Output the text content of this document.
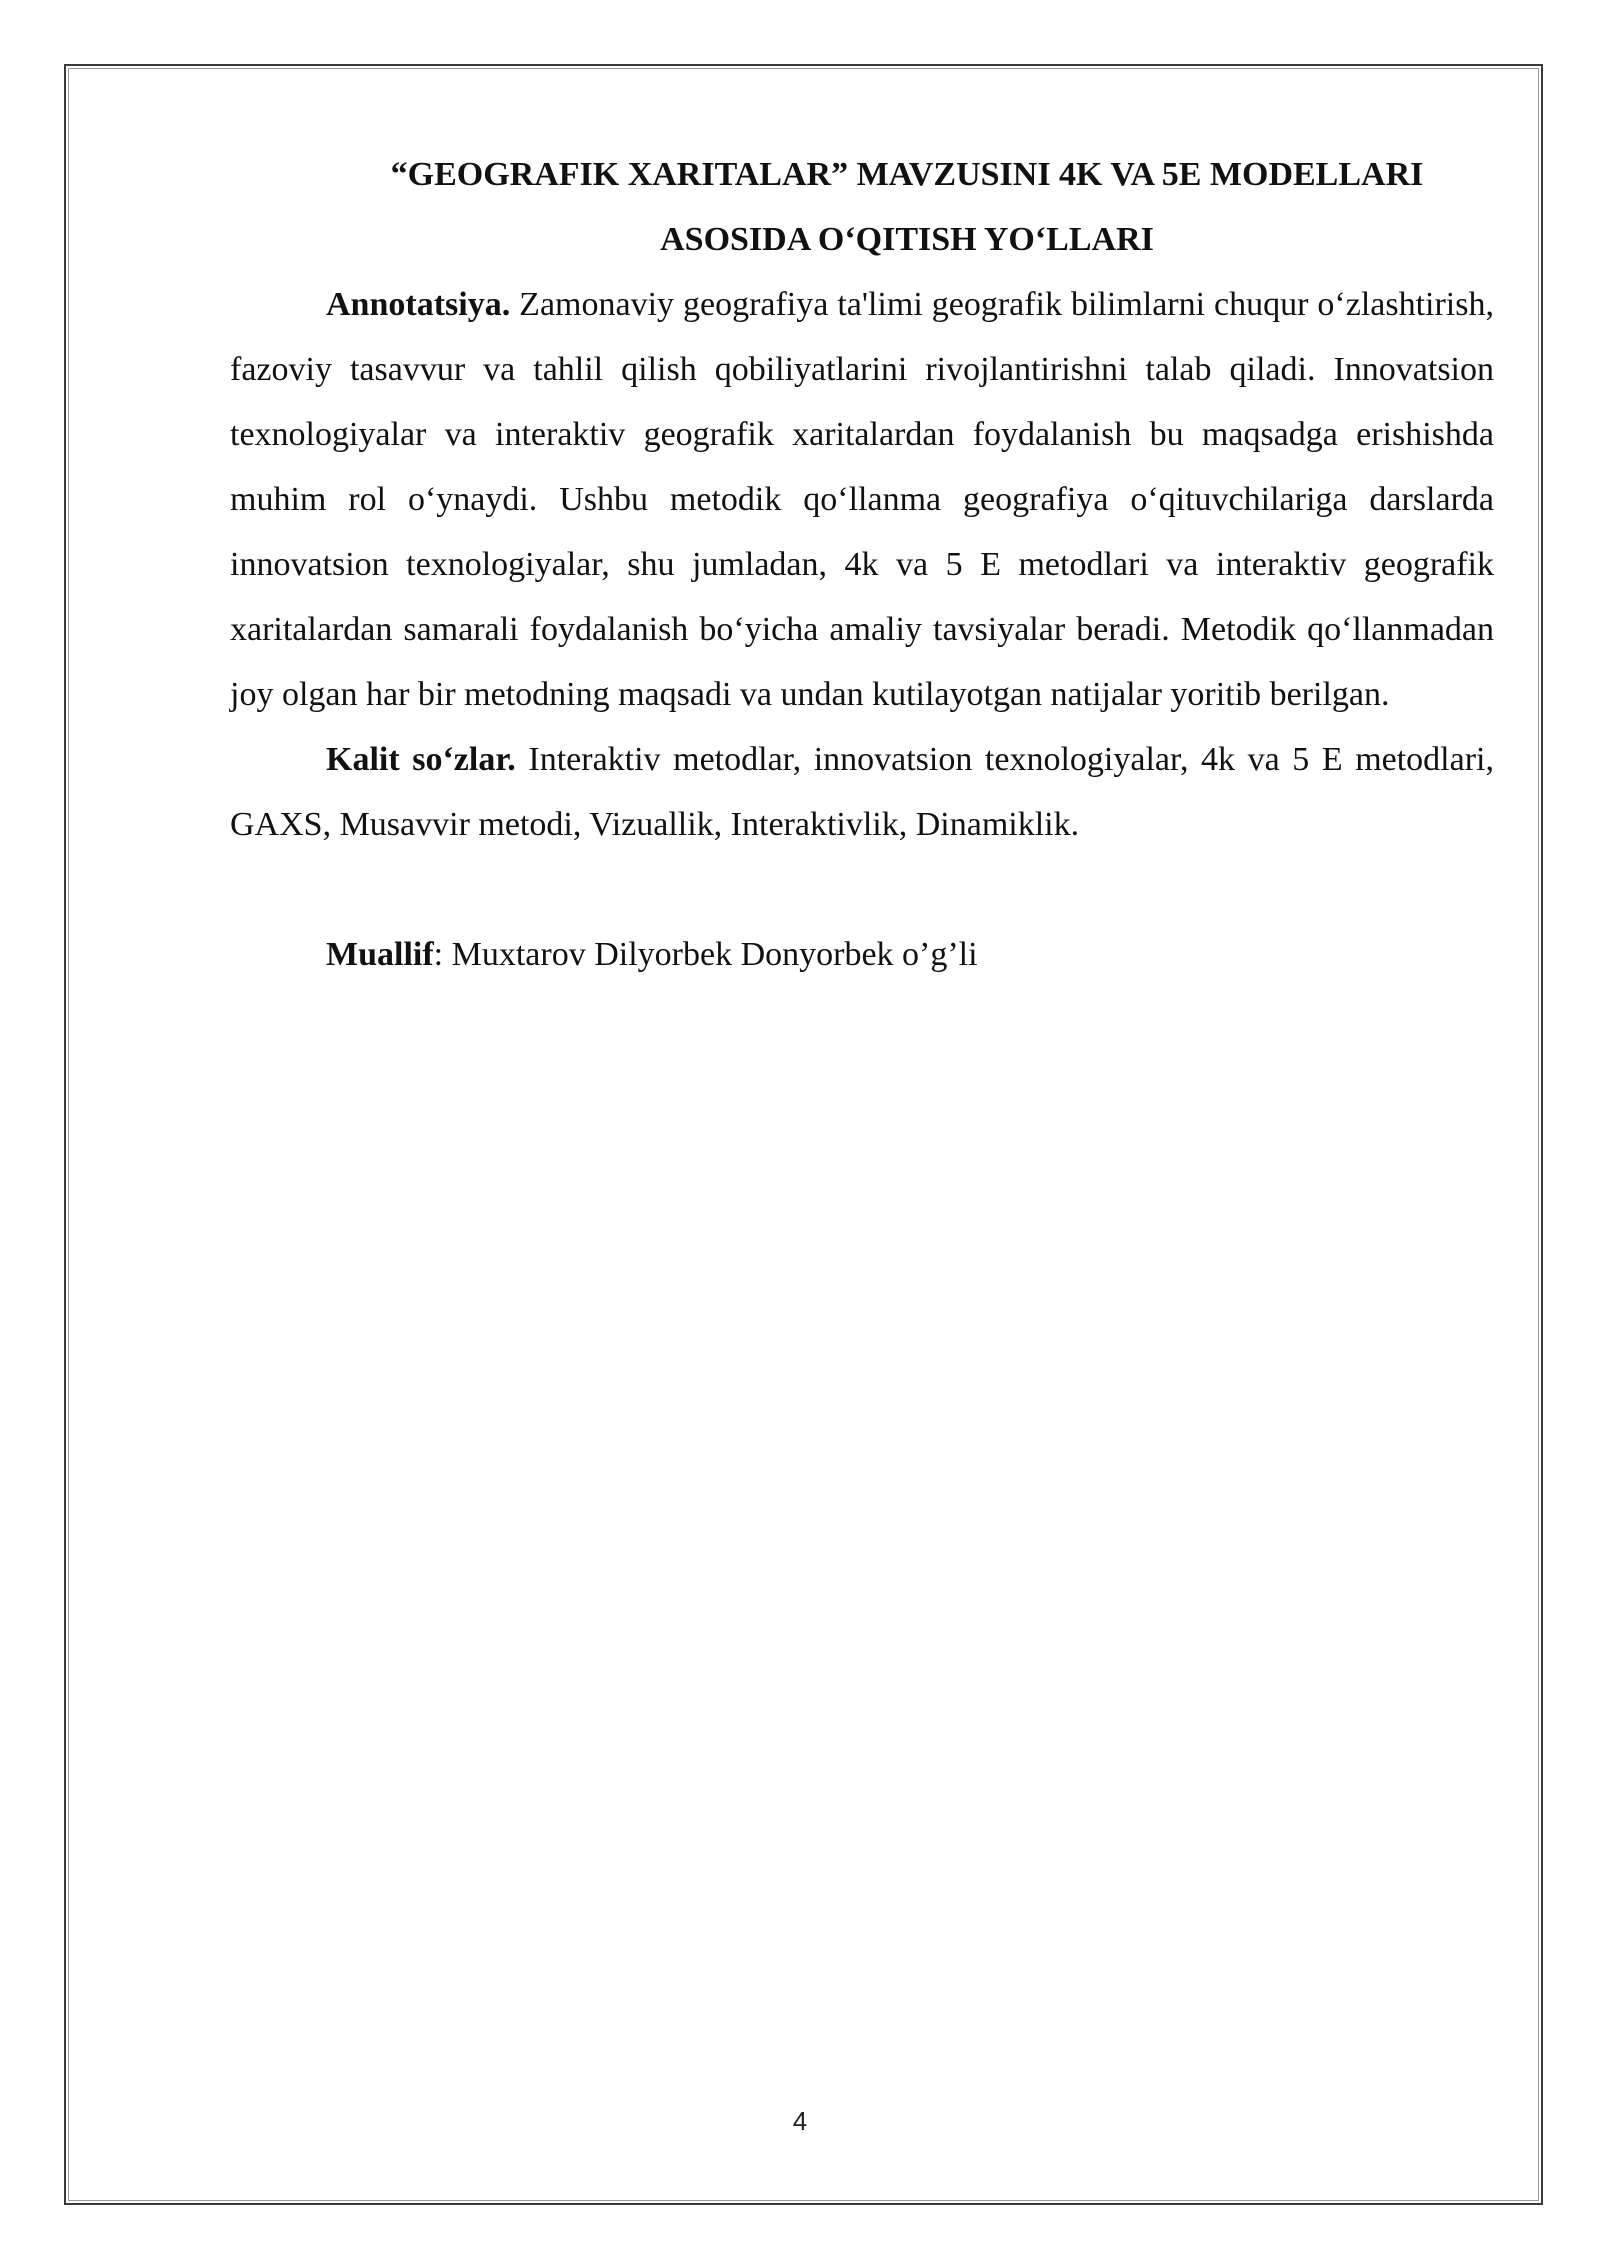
“GEOGRAFIK XARITALAR” MAVZUSINI 4K VA 5E MODELLARI
ASOSIDA O‘QITISH YO‘LLARI

Annotatsiya. Zamonaviy geografiya ta'limi geografik bilimlarni chuqur o‘zlashtirish, fazoviy tasavvur va tahlil qilish qobiliyatlarini rivojlantirishni talab qiladi. Innovatsion texnologiyalar va interaktiv geografik xaritalardan foydalanish bu maqsadga erishishda muhim rol o‘ynaydi. Ushbu metodik qo‘llanma geografiya o‘qituvchilariga darslarda innovatsion texnologiyalar, shu jumladan, 4k va 5 E metodlari va interaktiv geografik xaritalardan samarali foydalanish bo‘yicha amaliy tavsiyalar beradi. Metodik qo‘llanmadan joy olgan har bir metodning maqsadi va undan kutilayotgan natijalar yoritib berilgan.

Kalit so‘zlar. Interaktiv metodlar, innovatsion texnologiyalar, 4k va 5 E metodlari, GAXS, Musavvir metodi, Vizuallik, Interaktivlik, Dinamiklik.

Muallif: Muxtarov Dilyorbek Donyorbek o’g’li

4
